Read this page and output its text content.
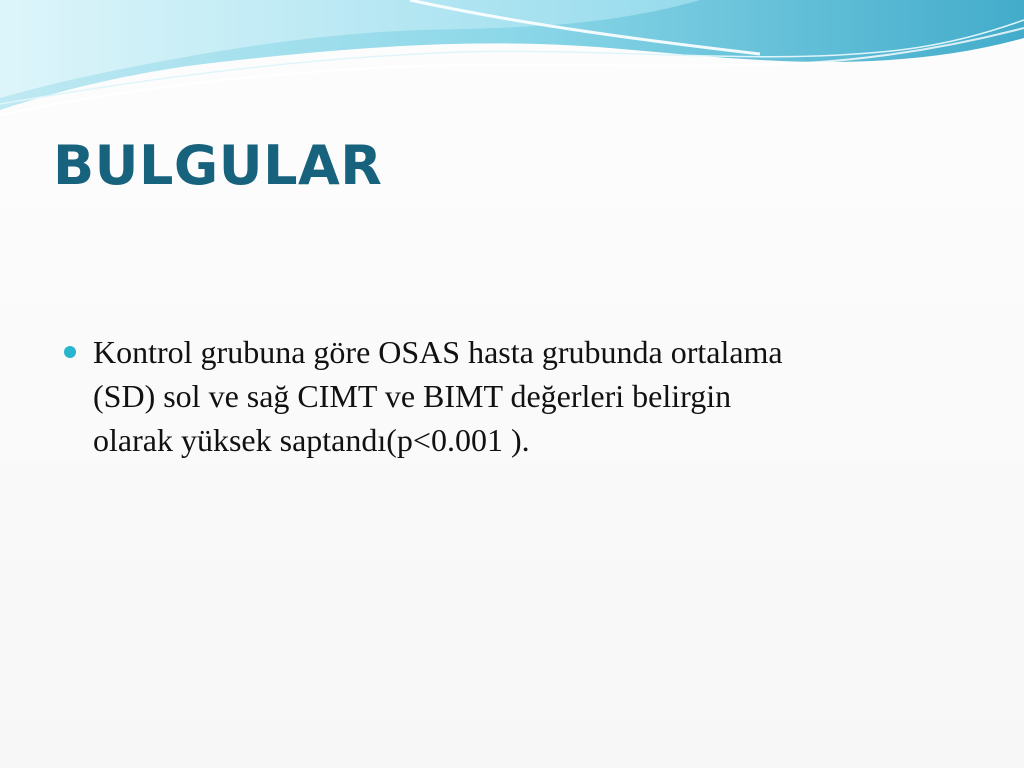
BULGULAR
Kontrol grubuna göre OSAS hasta grubunda ortalama
(SD) sol ve sağ CIMT ve BIMT değerleri belirgin
olarak yüksek saptandı(p<0.001 ).
